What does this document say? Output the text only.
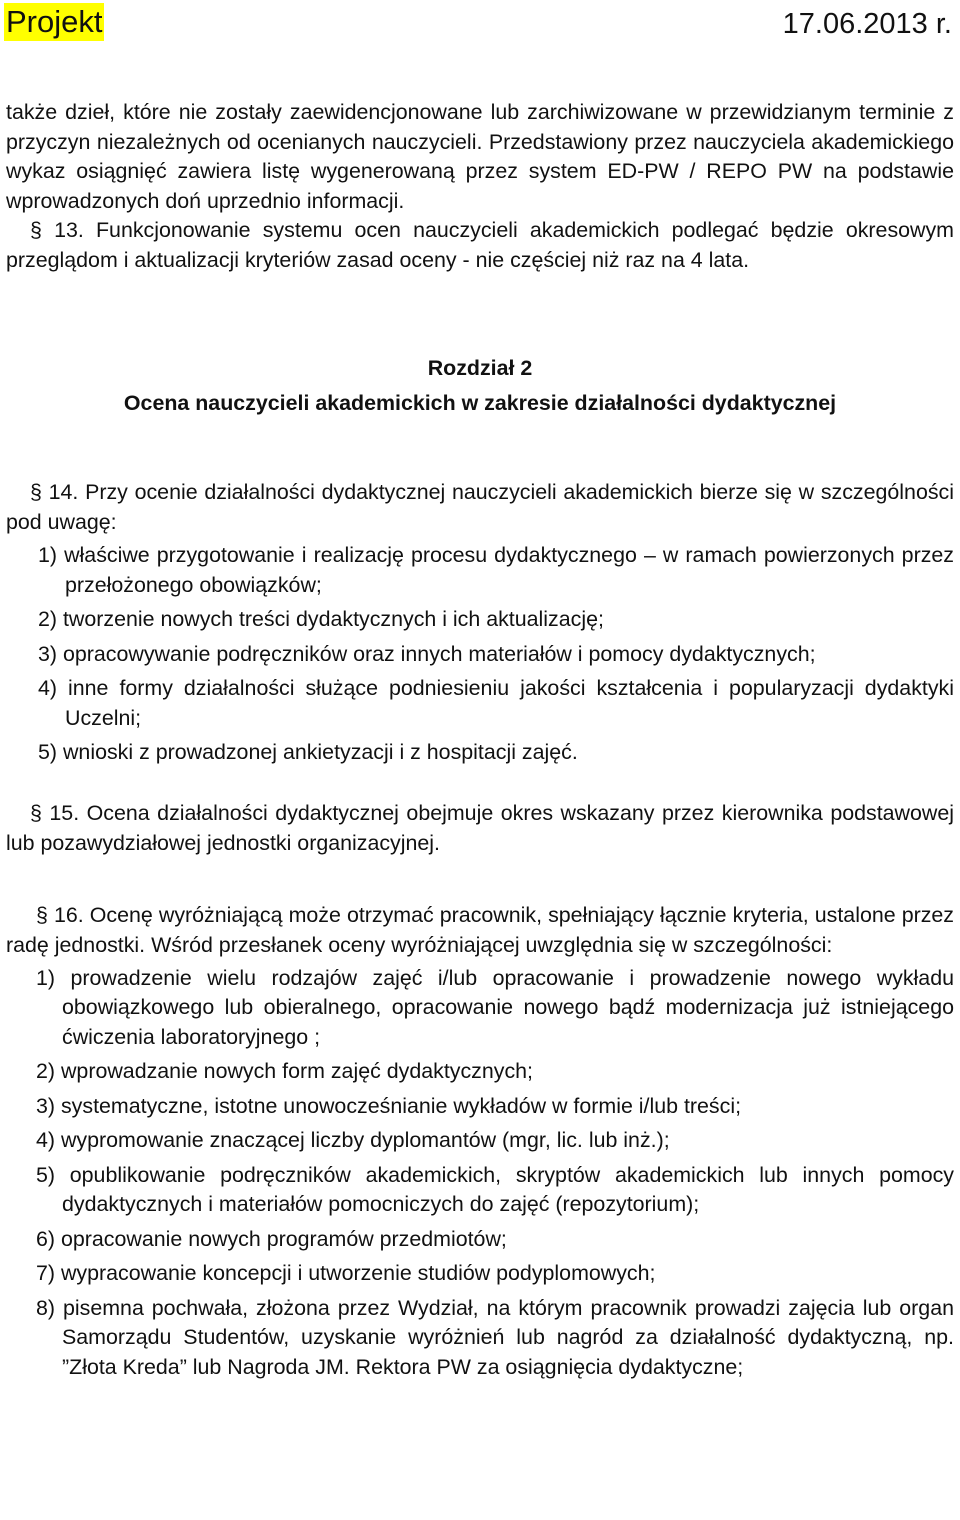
Projekt	17.06.2013 r.

także dzieł, które nie zostały zaewidencjonowane lub zarchiwizowane w przewidzianym terminie z przyczyn niezależnych od ocenianych nauczycieli. Przedstawiony przez nauczyciela akademickiego wykaz osiągnięć zawiera listę wygenerowaną przez system ED-PW / REPO PW na podstawie wprowadzonych doń uprzednio informacji.

§ 13. Funkcjonowanie systemu ocen nauczycieli akademickich podlegać będzie okresowym przeglądom i aktualizacji kryteriów zasad oceny - nie częściej niż raz na 4 lata.

Rozdział 2

Ocena nauczycieli akademickich w zakresie działalności dydaktycznej

§ 14. Przy ocenie działalności dydaktycznej nauczycieli akademickich bierze się w szczególności pod uwagę:

1) właściwe przygotowanie i realizację procesu dydaktycznego – w ramach powierzonych przez przełożonego obowiązków;
2) tworzenie nowych treści dydaktycznych i ich aktualizację;
3) opracowywanie podręczników oraz innych materiałów i pomocy dydaktycznych;
4) inne formy działalności służące podniesieniu jakości kształcenia i popularyzacji dydaktyki Uczelni;
5) wnioski z prowadzonej ankietyzacji i z hospitacji zajęć.

§ 15. Ocena działalności dydaktycznej obejmuje okres wskazany przez kierownika podstawowej lub pozawydziałowej jednostki organizacyjnej.

§ 16. Ocenę wyróżniającą może otrzymać pracownik, spełniający łącznie kryteria, ustalone przez radę jednostki. Wśród przesłanek oceny wyróżniającej uwzględnia się w szczególności:

1) prowadzenie wielu rodzajów zajęć i/lub opracowanie i prowadzenie nowego wykładu obowiązkowego lub obieralnego, opracowanie nowego bądź modernizacja już istniejącego ćwiczenia laboratoryjnego ;
2) wprowadzanie nowych form zajęć dydaktycznych;
3) systematyczne, istotne unowocześnianie wykładów w formie i/lub treści;
4) wypromowanie znaczącej liczby dyplomantów (mgr, lic. lub inż.);
5) opublikowanie podręczników akademickich, skryptów akademickich lub innych pomocy dydaktycznych i materiałów pomocniczych do zajęć (repozytorium);
6) opracowanie nowych programów przedmiotów;
7) wypracowanie koncepcji i utworzenie studiów podyplomowych;
8) pisemna pochwała, złożona przez Wydział, na którym pracownik prowadzi zajęcia lub organ Samorządu Studentów, uzyskanie wyróżnień lub nagród za działalność dydaktyczną, np. ”Złota Kreda” lub Nagroda JM. Rektora PW za osiągnięcia dydaktyczne;
